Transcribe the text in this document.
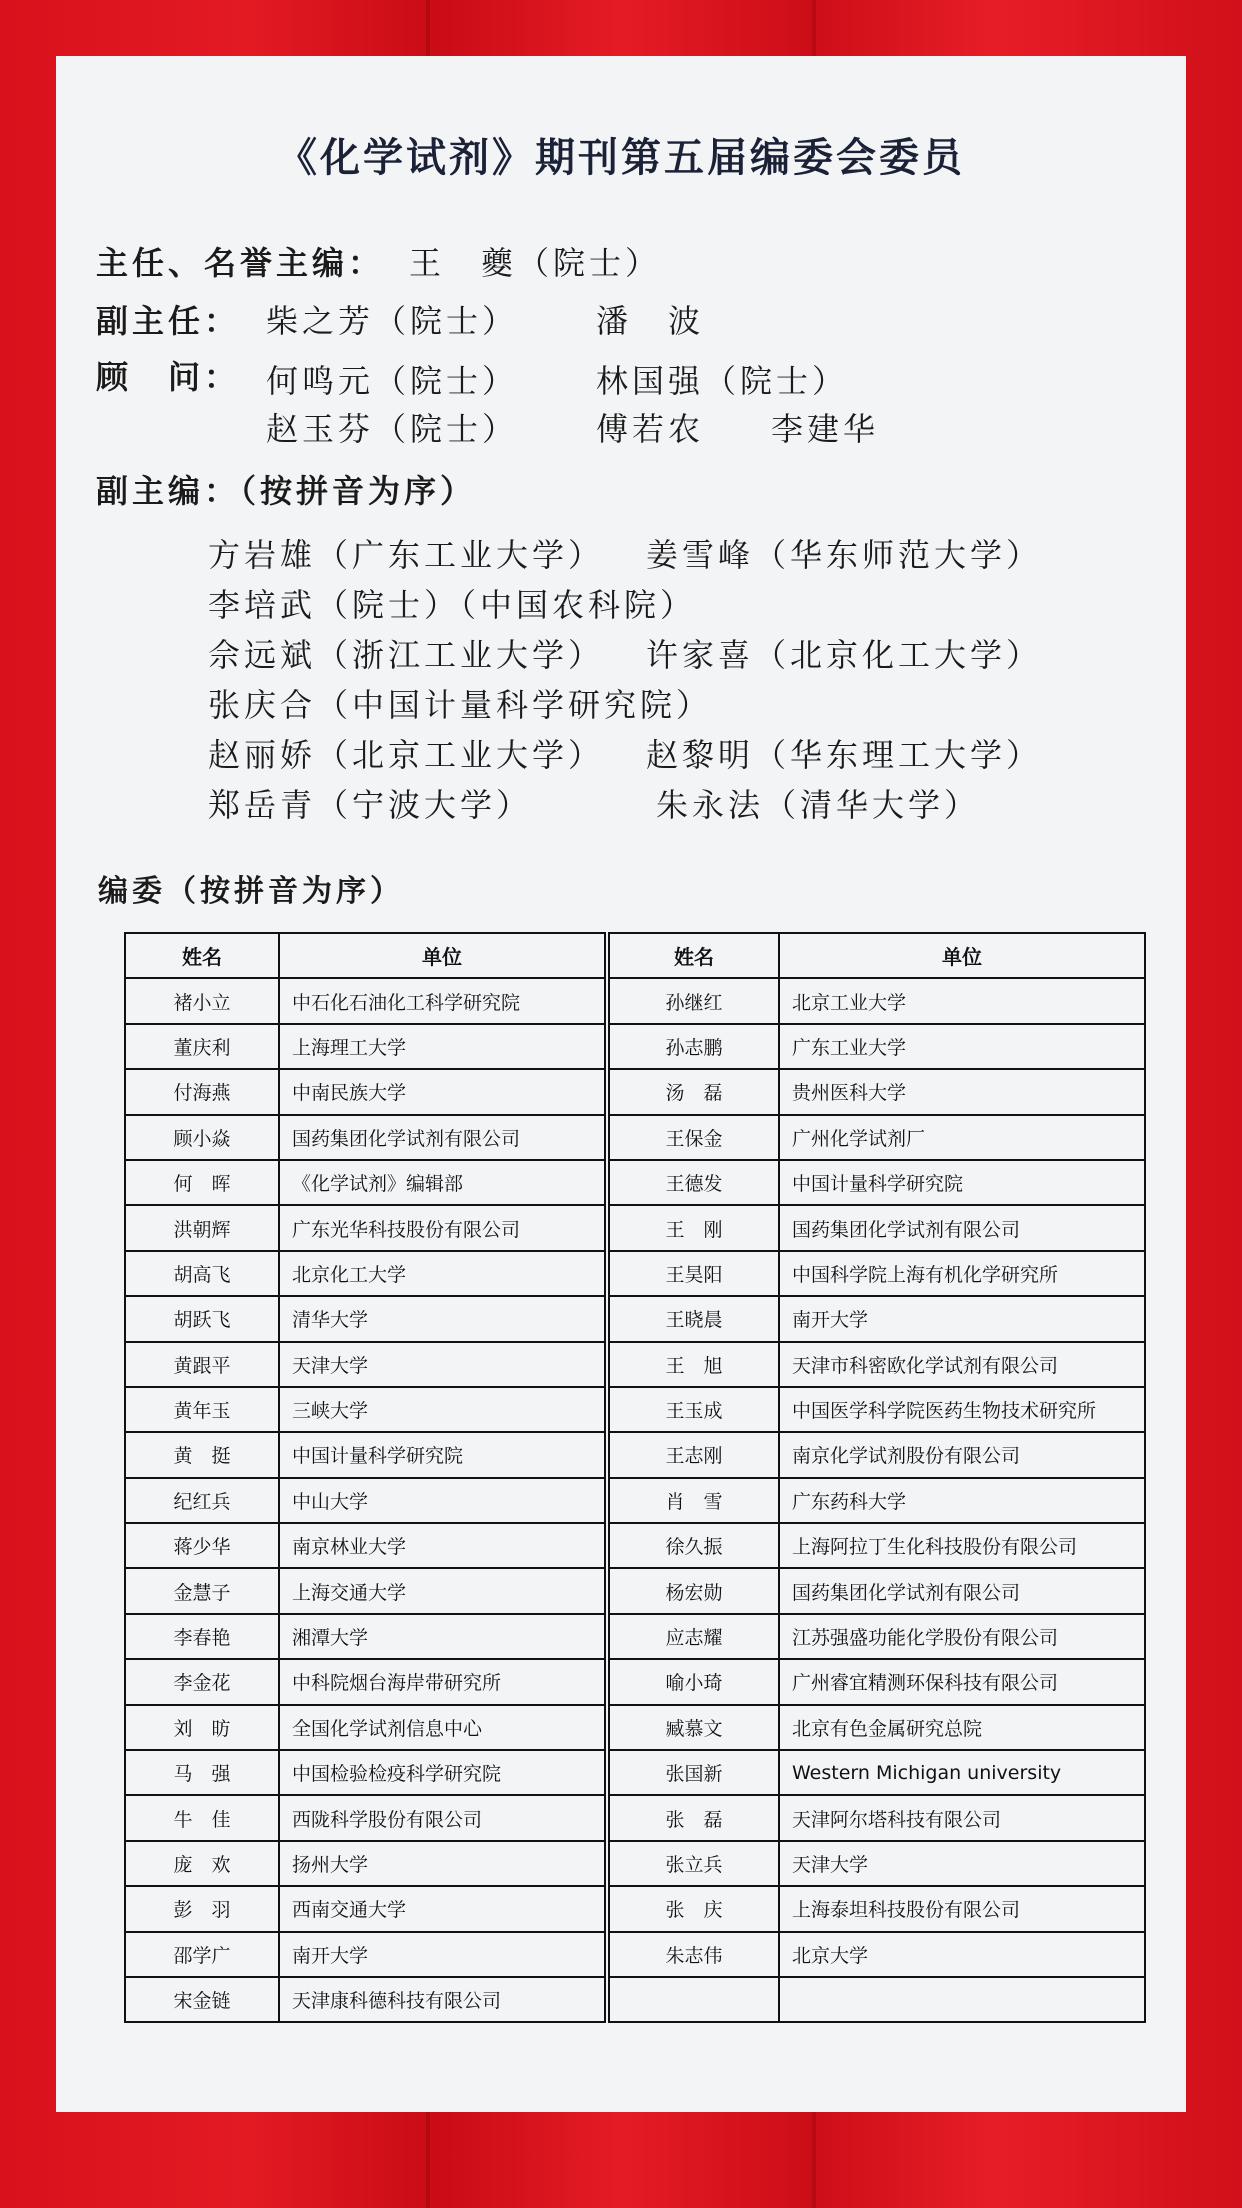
《化学试剂》期刊第五届编委会委员
主任、名誉主编： 王　夔（院士）
副主任： 柴之芳（院士） 潘　波
顾　问： 何鸣元（院士） 林国强（院士）
赵玉芬（院士） 傅若农 李建华
副主编：（按拼音为序）
方岩雄（广东工业大学） 姜雪峰（华东师范大学）
李培武（院士）（中国农科院）
佘远斌（浙江工业大学） 许家喜（北京化工大学）
张庆合（中国计量科学研究院）
赵丽娇（北京工业大学） 赵黎明（华东理工大学）
郑岳青（宁波大学）	朱永法（清华大学）
编委（按拼音为序）
姓名	单位		姓名	单位
褚小立	中石化石油化工科学研究院		孙继红	北京工业大学
董庆利	上海理工大学		孙志鹏	广东工业大学
付海燕	中南民族大学		汤　磊	贵州医科大学
顾小焱	国药集团化学试剂有限公司		王保金	广州化学试剂厂
何　晖	《化学试剂》编辑部		王德发	中国计量科学研究院
洪朝辉	广东光华科技股份有限公司		王　刚	国药集团化学试剂有限公司
胡高飞	北京化工大学		王昊阳	中国科学院上海有机化学研究所
胡跃飞	清华大学		王晓晨	南开大学
黄跟平	天津大学		王　旭	天津市科密欧化学试剂有限公司
黄年玉	三峡大学		王玉成	中国医学科学院医药生物技术研究所
黄　挺	中国计量科学研究院		王志刚	南京化学试剂股份有限公司
纪红兵	中山大学		肖　雪	广东药科大学
蒋少华	南京林业大学		徐久振	上海阿拉丁生化科技股份有限公司
金慧子	上海交通大学		杨宏勋	国药集团化学试剂有限公司
李春艳	湘潭大学		应志耀	江苏强盛功能化学股份有限公司
李金花	中科院烟台海岸带研究所		喻小琦	广州睿宜精测环保科技有限公司
刘　昉	全国化学试剂信息中心		臧慕文	北京有色金属研究总院
马　强	中国检验检疫科学研究院		张国新	Western Michigan university
牛　佳	西陇科学股份有限公司		张　磊	天津阿尔塔科技有限公司
庞　欢	扬州大学		张立兵	天津大学
彭　羽	西南交通大学		张　庆	上海泰坦科技股份有限公司
邵学广	南开大学		朱志伟	北京大学
宋金链	天津康科德科技有限公司			
